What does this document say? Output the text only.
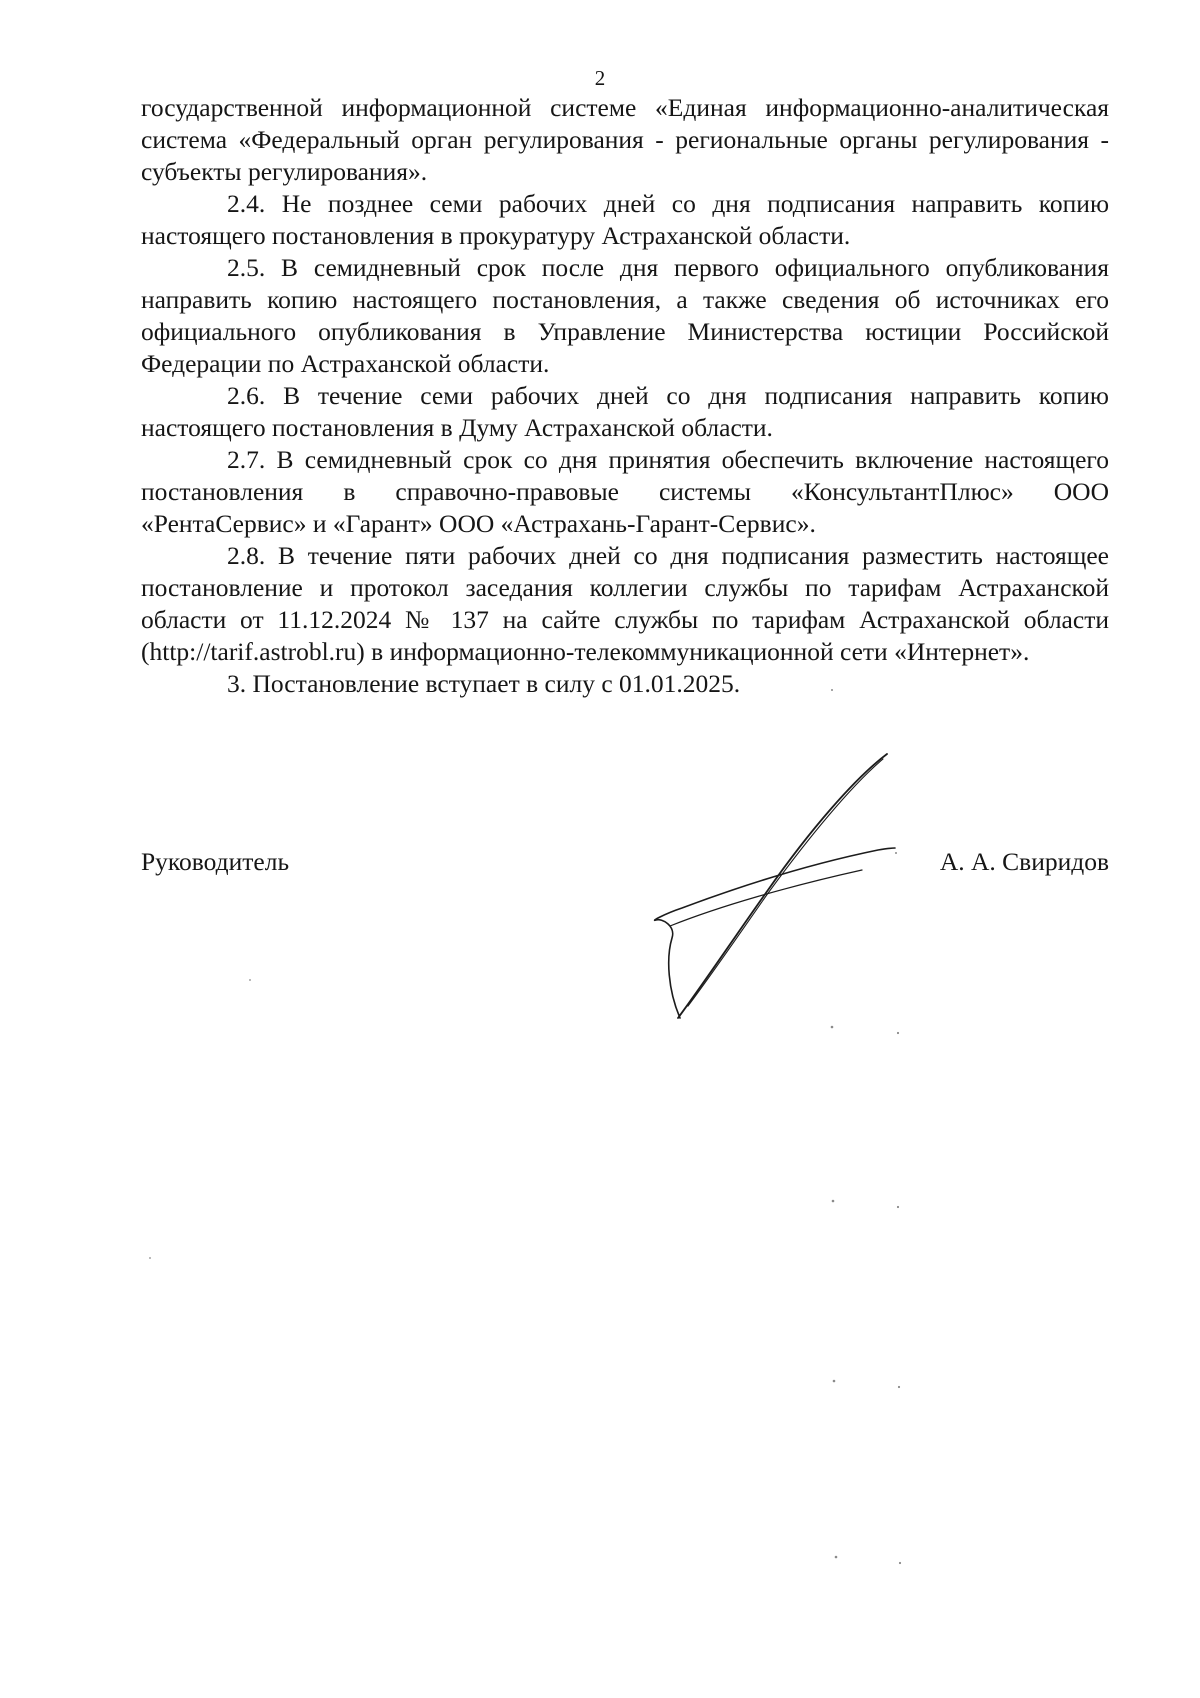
2

государственной информационной системе «Единая информационно-аналитическая система «Федеральный орган регулирования - региональные органы регулирования - субъекты регулирования».

2.4. Не позднее семи рабочих дней со дня подписания направить копию настоящего постановления в прокуратуру Астраханской области.

2.5. В семидневный срок после дня первого официального опубликования направить копию настоящего постановления, а также сведения об источниках его официального опубликования в Управление Министерства юстиции Российской Федерации по Астраханской области.

2.6. В течение семи рабочих дней со дня подписания направить копию настоящего постановления в Думу Астраханской области.

2.7. В семидневный срок со дня принятия обеспечить включение настоящего постановления в справочно-правовые системы «КонсультантПлюс» ООО «РентаСервис» и «Гарант» ООО «Астрахань-Гарант-Сервис».

2.8. В течение пяти рабочих дней со дня подписания разместить настоящее постановление и протокол заседания коллегии службы по тарифам Астраханской области от 11.12.2024 № 137 на сайте службы по тарифам Астраханской области (http://tarif.astrobl.ru) в информационно-телекоммуникационной сети «Интернет».

3. Постановление вступает в силу с 01.01.2025.

Руководитель	А. А. Свиридов
